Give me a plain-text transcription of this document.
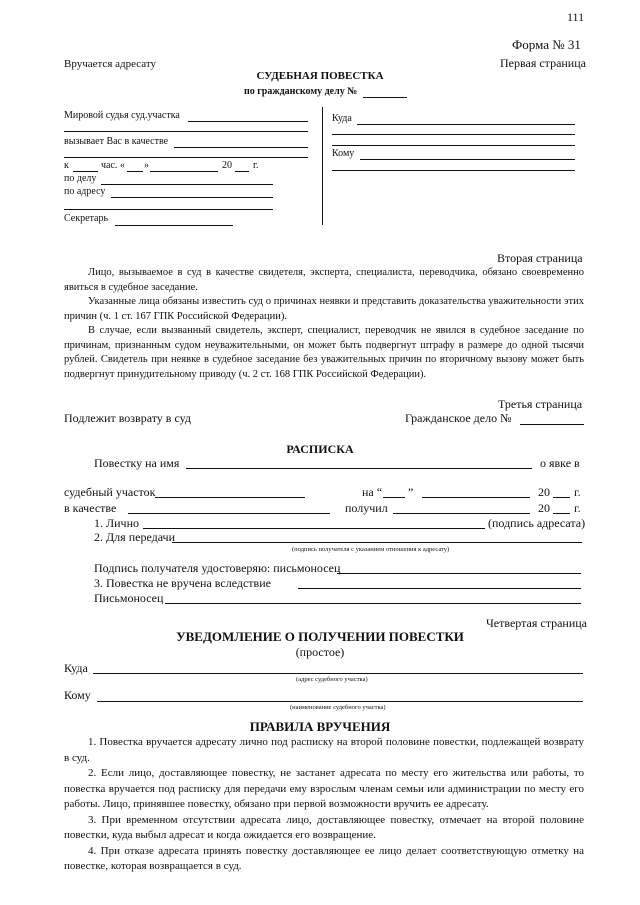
111
Форма № 31
Вручается адресату	Первая страница
СУДЕБНАЯ ПОВЕСТКА
по гражданскому делу №
Мировой судья суд.участка
вызывает Вас в качестве
к	час. « »	20 г.
по делу
по адресу
Секретарь
Куда
Кому
Вторая страница

Лицо, вызываемое в суд в качестве свидетеля, эксперта, специалиста, переводчика, обязано своевременно явиться в судебное заседание.

Указанные лица обязаны известить суд о причинах неявки и представить доказательства уважительности этих причин (ч. 1 ст. 167 ГПК Российской Федерации).

В случае, если вызванный свидетель, эксперт, специалист, переводчик не явился в судебное заседание по причинам, признанным судом неуважительными, он может быть подвергнут штрафу в размере до одной тысячи рублей. Свидетель при неявке в судебное заседание без уважительных причин по вторичному вызову может быть подвергнут принудительному приводу (ч. 2 ст. 168 ГПК Российской Федерации).

Третья страница
Подлежит возврату в суд	Гражданское дело №
РАСПИСКА
Повестку на имя	о явке в
судебный участок	на “ ”	20 г.
в качестве	получил	20 г.
1. Лично	(подпись адресата)
2. Для передачи
(подпись получателя с указанием отношения к адресату)
Подпись получателя удостоверяю: письмоносец
3. Повестка не вручена вследствие
Письмоносец
Четвертая страница
УВЕДОМЛЕНИЕ О ПОЛУЧЕНИИ ПОВЕСТКИ
(простое)
Куда
(адрес судебного участка)
Кому
(наименование судебного участка)
ПРАВИЛА ВРУЧЕНИЯ

1. Повестка вручается адресату лично под расписку на второй половине повестки, подлежащей возврату в суд.

2. Если лицо, доставляющее повестку, не застанет адресата по месту его жительства или работы, то повестка вручается под расписку для передачи ему взрослым членам семьи или администрации по месту его работы. Лицо, принявшее повестку, обязано при первой возможности вручить ее адресату.

3. При временном отсутствии адресата лицо, доставляющее повестку, отмечает на второй половине повестки, куда выбыл адресат и когда ожидается его возвращение.

4. При отказе адресата принять повестку доставляющее ее лицо делает соответствующую отметку на повестке, которая возвращается в суд.
